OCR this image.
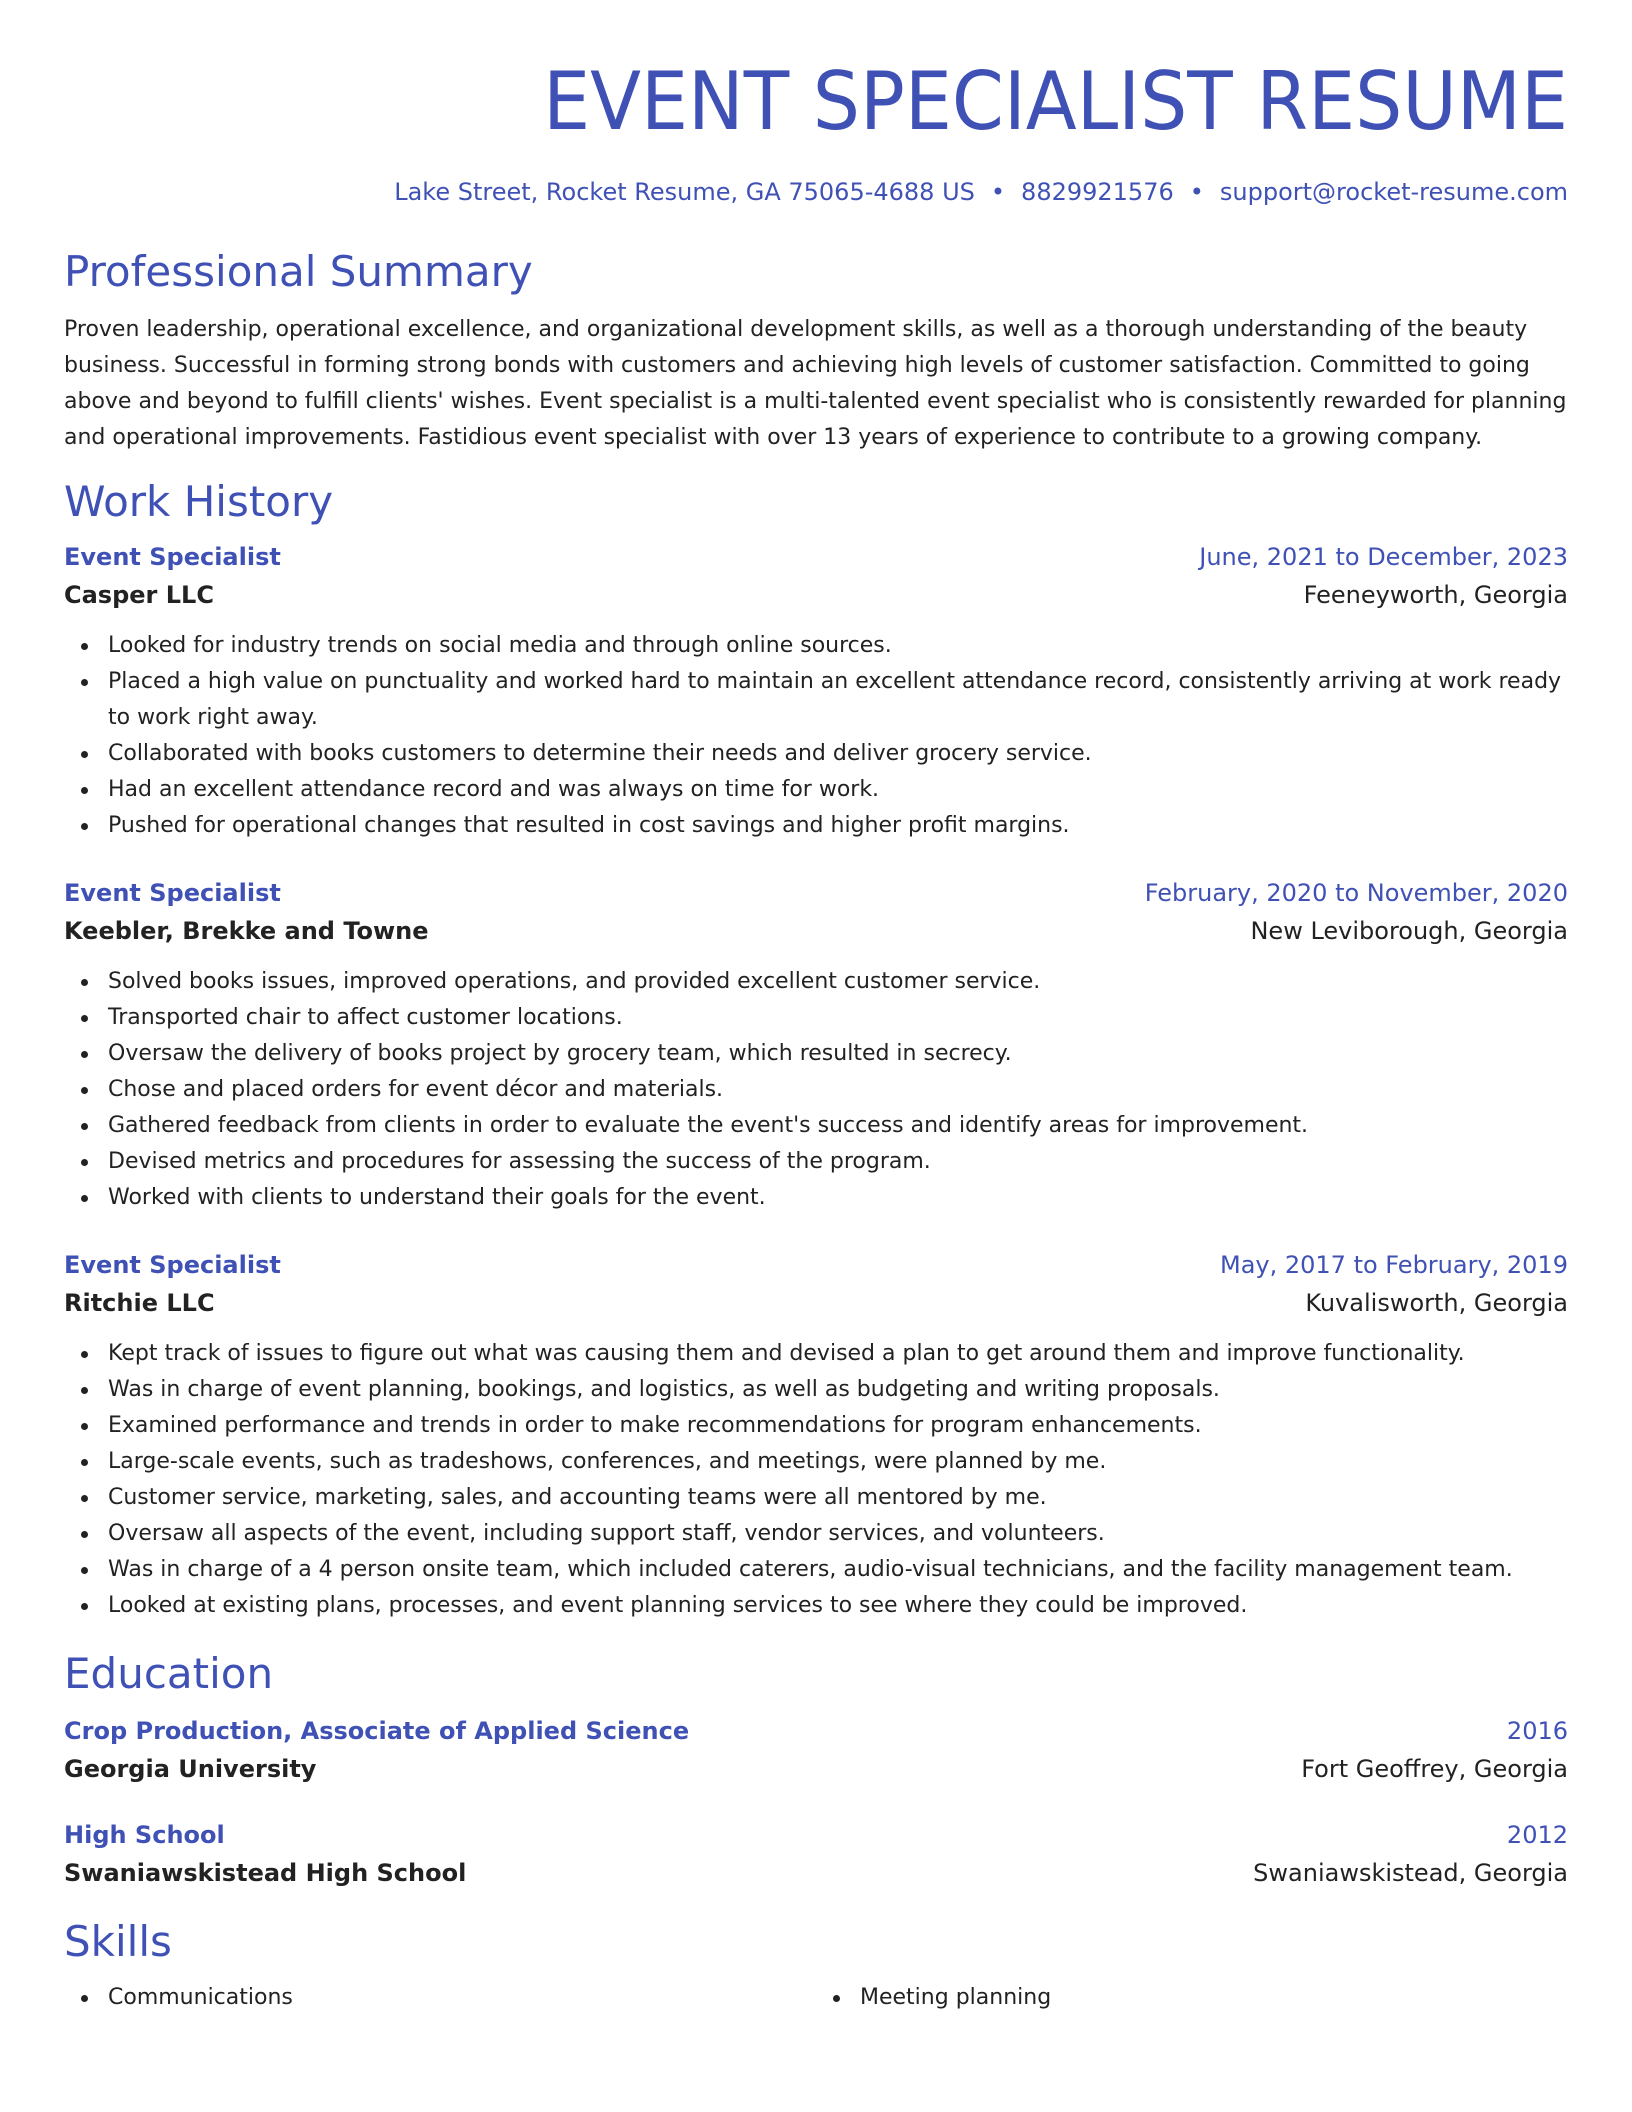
EVENT SPECIALIST RESUME
Lake Street, Rocket Resume, GA 75065-4688 US • 8829921576 • support@rocket-resume.com
Professional Summary
Proven leadership, operational excellence, and organizational development skills, as well as a thorough understanding of the beauty business. Successful in forming strong bonds with customers and achieving high levels of customer satisfaction. Committed to going above and beyond to fulfill clients' wishes. Event specialist is a multi-talented event specialist who is consistently rewarded for planning and operational improvements. Fastidious event specialist with over 13 years of experience to contribute to a growing company.
Work History
Event Specialist	June, 2021 to December, 2023
Casper LLC	Feeneyworth, Georgia
Looked for industry trends on social media and through online sources.
Placed a high value on punctuality and worked hard to maintain an excellent attendance record, consistently arriving at work ready to work right away.
Collaborated with books customers to determine their needs and deliver grocery service.
Had an excellent attendance record and was always on time for work.
Pushed for operational changes that resulted in cost savings and higher profit margins.
Event Specialist	February, 2020 to November, 2020
Keebler, Brekke and Towne	New Leviborough, Georgia
Solved books issues, improved operations, and provided excellent customer service.
Transported chair to affect customer locations.
Oversaw the delivery of books project by grocery team, which resulted in secrecy.
Chose and placed orders for event décor and materials.
Gathered feedback from clients in order to evaluate the event's success and identify areas for improvement.
Devised metrics and procedures for assessing the success of the program.
Worked with clients to understand their goals for the event.
Event Specialist	May, 2017 to February, 2019
Ritchie LLC	Kuvalisworth, Georgia
Kept track of issues to figure out what was causing them and devised a plan to get around them and improve functionality.
Was in charge of event planning, bookings, and logistics, as well as budgeting and writing proposals.
Examined performance and trends in order to make recommendations for program enhancements.
Large-scale events, such as tradeshows, conferences, and meetings, were planned by me.
Customer service, marketing, sales, and accounting teams were all mentored by me.
Oversaw all aspects of the event, including support staff, vendor services, and volunteers.
Was in charge of a 4 person onsite team, which included caterers, audio-visual technicians, and the facility management team.
Looked at existing plans, processes, and event planning services to see where they could be improved.
Education
Crop Production, Associate of Applied Science	2016
Georgia University	Fort Geoffrey, Georgia
High School	2012
Swaniawskistead High School	Swaniawskistead, Georgia
Skills
Communications	Meeting planning
